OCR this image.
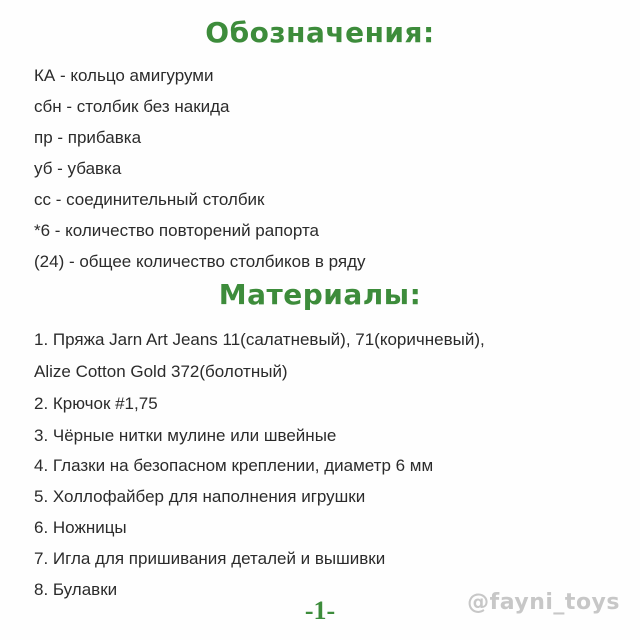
Обозначения:
КА - кольцо амигуруми
сбн - столбик без накида
пр - прибавка
уб - убавка
сс - соединительный столбик
*6 - количество повторений рапорта
(24) - общее количество столбиков в ряду
Материалы:
1. Пряжа Jarn Art Jeans 11(салатневый), 71(коричневый),
Alize Cotton Gold 372(болотный)
2. Крючок #1,75
3. Чёрные нитки мулине или швейные
4. Глазки на безопасном креплении, диаметр 6 мм
5. Холлофайбер для наполнения игрушки
6. Ножницы
7. Игла для пришивания деталей и вышивки
8. Булавки
-1-	@fayni_toys
